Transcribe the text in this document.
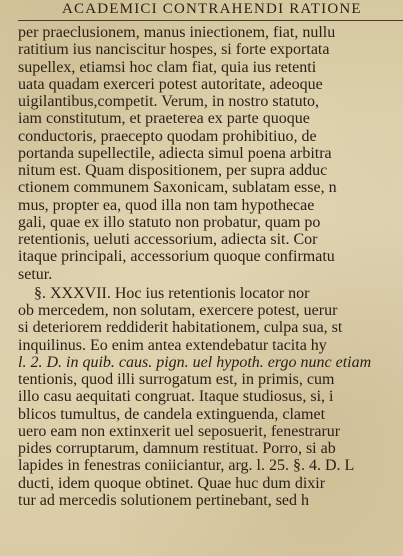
ACADEMICI CONTRAHENDI RATIONE
per praeclusionem, manus iniectionem, fiat, nullu
ratitium ius nanciscitur hospes, si forte exportata
supellex, etiamsi hoc clam fiat, quia ius retenti
uata quadam exerceri potest autoritate, adeoque
uigilantibus,competit. Verum, in nostro statuto,
iam constitutum, et praeterea ex parte quoque
conductoris, praecepto quodam prohibitiuo, de
portanda supellectile, adiecta simul poena arbitra
nitum est. Quam dispositionem, per supra adduc
ctionem communem Saxonicam, sublatam esse, n
mus, propter ea, quod illa non tam hypothecae
gali, quae ex illo statuto non probatur, quam po
retentionis, ueluti accessorium, adiecta sit. Cor
itaque principali, accessorium quoque confirmatu
setur.
§. XXXVII. Hoc ius retentionis locator nor
ob mercedem, non solutam, exercere potest, uerur
si deteriorem reddiderit habitationem, culpa sua, st
inquilinus. Eo enim antea extendebatur tacita hy
l. 2. D. in quib. caus. pign. uel hypoth. ergo nunc etiam
tentionis, quod illi surrogatum est, in primis, cum
illo casu aequitati congruat. Itaque studiosus, si, i
blicos tumultus, de candela extinguenda, clamet
uero eam non extinxerit uel seposuerit, fenestrarur
pides corruptarum, damnum restituat. Porro, si ab
lapides in fenestras coniiciantur, arg. l. 25. §. 4. D. L
ducti, idem quoque obtinet. Quae huc dum dixir
tur ad mercedis solutionem pertinebant, sed h
